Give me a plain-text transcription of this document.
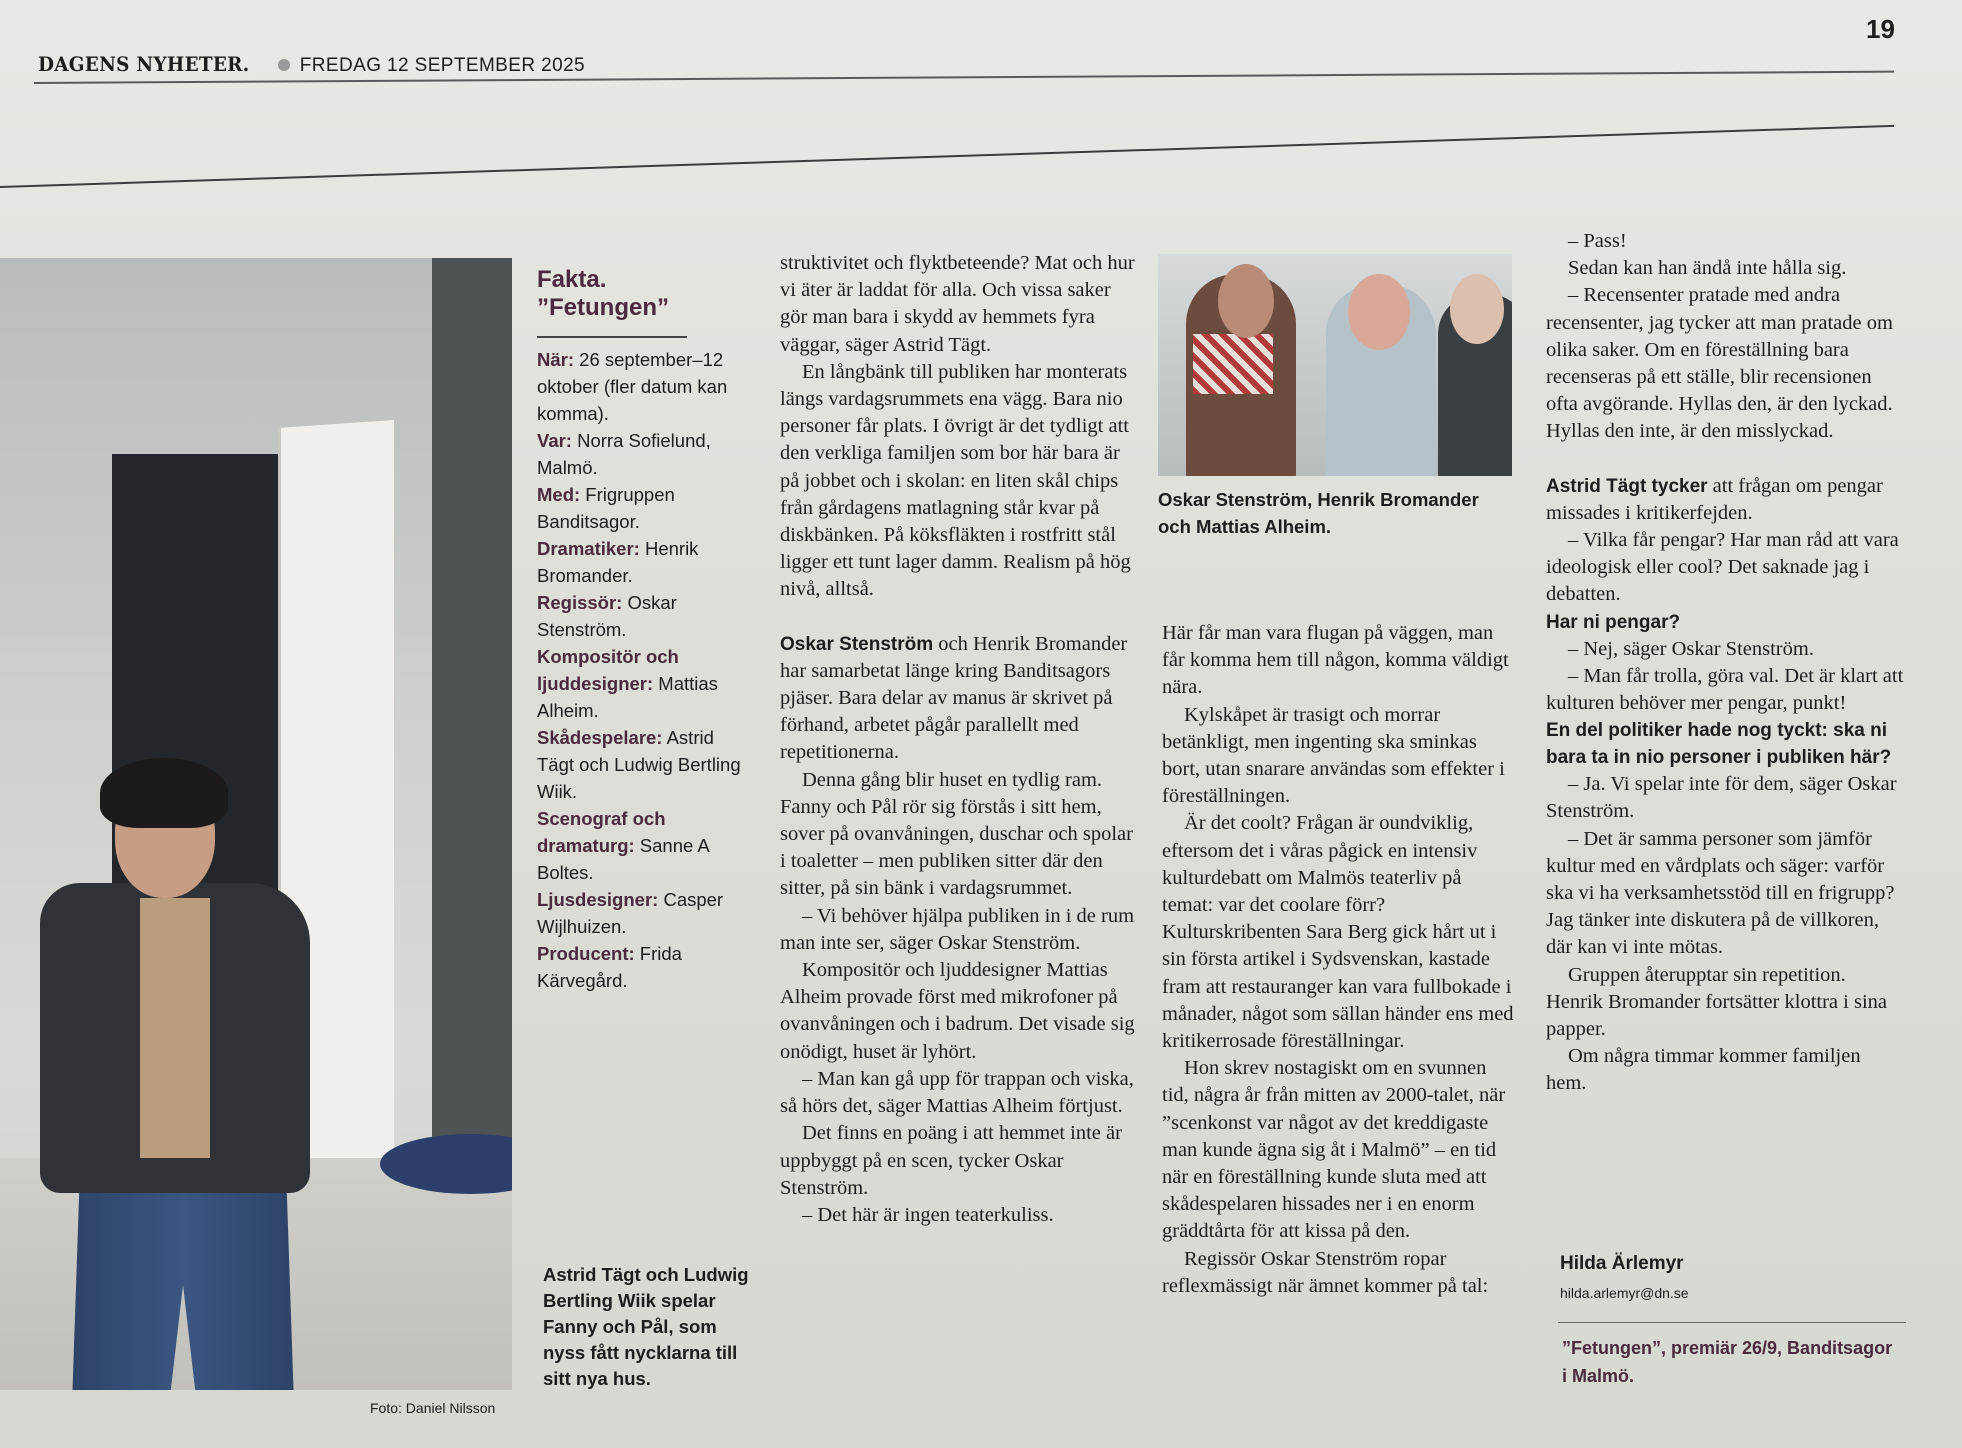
DAGENS NYHETER.	FREDAG 12 SEPTEMBER 2025
19
Foto: Daniel Nilsson
Astrid Tägt och Ludwig Bertling Wiik spelar Fanny och Pål, som nyss fått nycklarna till sitt nya hus.
Fakta.
”Fetungen”
När: 26 september–12 oktober (fler datum kan komma).
Var: Norra Sofielund, Malmö.
Med: Frigruppen Banditsagor.
Dramatiker: Henrik Bromander.
Regissör: Oskar Stenström.
Kompositör och ljuddesigner: Mattias Alheim.
Skådespelare: Astrid Tägt och Ludwig Bertling Wiik.
Scenograf och dramaturg: Sanne A Boltes.
Ljusdesigner: Casper Wijlhuizen.
Producent: Frida Kärvegård.

struktivitet och flyktbeteende? Mat och hur vi äter är laddat för alla. Och vissa saker gör man bara i skydd av hemmets fyra väggar, säger Astrid Tägt.

En långbänk till publiken har monterats längs vardagsrummets ena vägg. Bara nio personer får plats. I övrigt är det tydligt att den verkliga familjen som bor här bara är på jobbet och i skolan: en liten skål chips från gårdagens matlagning står kvar på diskbänken. På köksfläkten i rostfritt stål ligger ett tunt lager damm. Realism på hög nivå, alltså.

Oskar Stenström och Henrik Bromander har samarbetat länge kring Banditsagors pjäser. Bara delar av manus är skrivet på förhand, arbetet pågår parallellt med repetitionerna.

Denna gång blir huset en tydlig ram. Fanny och Pål rör sig förstås i sitt hem, sover på ovanvåningen, duschar och spolar i toaletter – men publiken sitter där den sitter, på sin bänk i vardagsrummet.

– Vi behöver hjälpa publiken in i de rum man inte ser, säger Oskar Stenström.

Kompositör och ljuddesigner Mattias Alheim provade först med mikrofoner på ovanvåningen och i badrum. Det visade sig onödigt, huset är lyhört.

– Man kan gå upp för trappan och viska, så hörs det, säger Mattias Alheim förtjust.

Det finns en poäng i att hemmet inte är uppbyggt på en scen, tycker Oskar Stenström.

– Det här är ingen teaterkuliss.

Oskar Stenström, Henrik Bromander och Mattias Alheim.

Här får man vara flugan på väggen, man får komma hem till någon, komma väldigt nära.

Kylskåpet är trasigt och morrar betänkligt, men ingenting ska sminkas bort, utan snarare användas som effekter i föreställningen.

Är det coolt? Frågan är oundviklig, eftersom det i våras pågick en intensiv kulturdebatt om Malmös teaterliv på temat: var det coolare förr? Kulturskribenten Sara Berg gick hårt ut i sin första artikel i Sydsvenskan, kastade fram att restauranger kan vara fullbokade i månader, något som sällan händer ens med kritikerrosade föreställningar.

Hon skrev nostagiskt om en svunnen tid, några år från mitten av 2000-talet, när ”scenkonst var något av det kreddigaste man kunde ägna sig åt i Malmö” – en tid när en föreställning kunde sluta med att skådespelaren hissades ner i en enorm gräddtårta för att kissa på den.

Regissör Oskar Stenström ropar reflexmässigt när ämnet kommer på tal:

– Pass!

Sedan kan han ändå inte hålla sig.

– Recensenter pratade med andra recensenter, jag tycker att man pratade om olika saker. Om en föreställning bara recenseras på ett ställe, blir recensionen ofta avgörande. Hyllas den, är den lyckad. Hyllas den inte, är den misslyckad.

Astrid Tägt tycker att frågan om pengar missades i kritikerfejden.

– Vilka får pengar? Har man råd att vara ideologisk eller cool? Det saknade jag i debatten.

Har ni pengar?

– Nej, säger Oskar Stenström.

– Man får trolla, göra val. Det är klart att kulturen behöver mer pengar, punkt!

En del politiker hade nog tyckt: ska ni bara ta in nio personer i publiken här?

– Ja. Vi spelar inte för dem, säger Oskar Stenström.

– Det är samma personer som jämför kultur med en vårdplats och säger: varför ska vi ha verksamhetsstöd till en frigrupp? Jag tänker inte diskutera på de villkoren, där kan vi inte mötas.

Gruppen återupptar sin repetition. Henrik Bromander fortsätter klottra i sina papper.

Om några timmar kommer familjen hem.

Hilda Ärlemyr
hilda.arlemyr@dn.se
”Fetungen”, premiär 26/9, Banditsagor i Malmö.
